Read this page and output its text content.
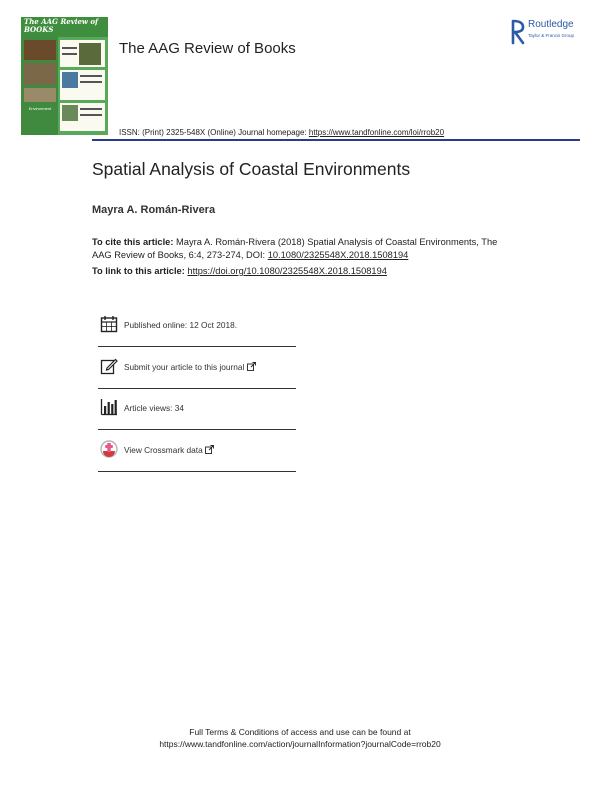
The AAG Review of BOOKS
Environment
The AAG Review of Books
Routledge
Taylor & Francis Group
ISSN: (Print) 2325-548X (Online) Journal homepage: https://www.tandfonline.com/loi/rrob20
Spatial Analysis of Coastal Environments
Mayra A. Román-Rivera
To cite this article: Mayra A. Román-Rivera (2018) Spatial Analysis of Coastal Environments, The AAG Review of Books, 6:4, 273-274, DOI: 10.1080/2325548X.2018.1508194
To link to this article: https://doi.org/10.1080/2325548X.2018.1508194
Published online: 12 Oct 2018.
Submit your article to this journal
Article views: 34
View Crossmark data
Full Terms & Conditions of access and use can be found at
https://www.tandfonline.com/action/journalInformation?journalCode=rrob20
